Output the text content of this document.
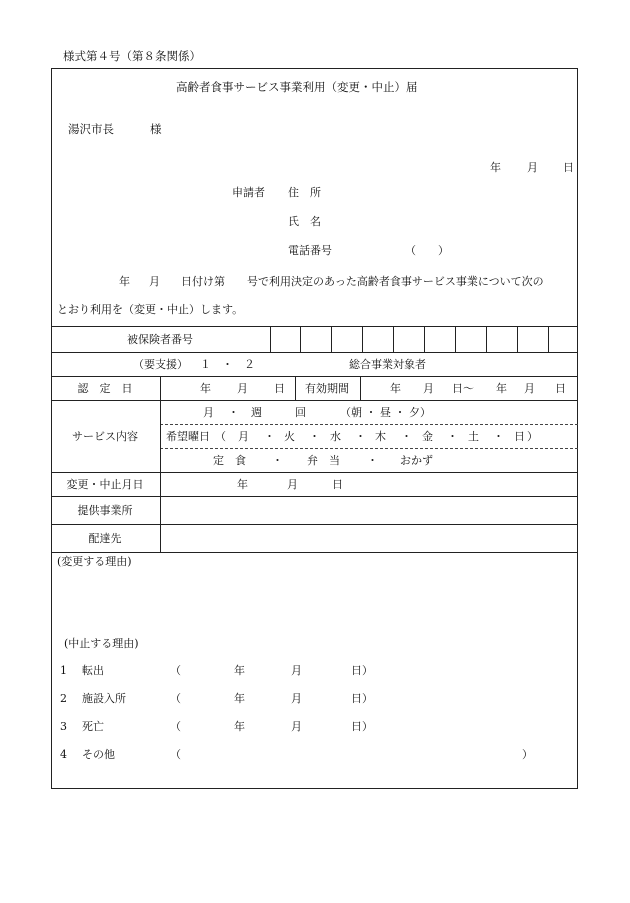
様式第４号（第８条関係）
高齢者食事サービス事業利用（変更・中止）届
湯沢市長	様
年 月 日
申請者 住　所
氏　名
電話番号	（　　）
年 月 日付け第　　号で利用決定のあった高齢者食事サービス事業について次の
とおり利用を（変更・中止）します。
被保険者番号
（要支援） １　・　２	総合事業対象者
認　定　日	年 月 日 有効期間	年 月 日〜 年 月 日
サービス内容
月 ・ 週	回	（朝 ・ 昼 ・ 夕）
希望曜日 （ 月 ・ 火 ・ 水 ・ 木 ・ 金 ・ 土 ・ 日 ）
定　食 ・ 弁　当 ・ おかず
変更・中止月日	年	月	日
提供事業所
配達先
(変更する理由)
(中止する理由)
1 転出	（	年	月	日）
2 施設入所	（	年	月	日）
3 死亡	（	年	月	日）
4 その他	（	）
